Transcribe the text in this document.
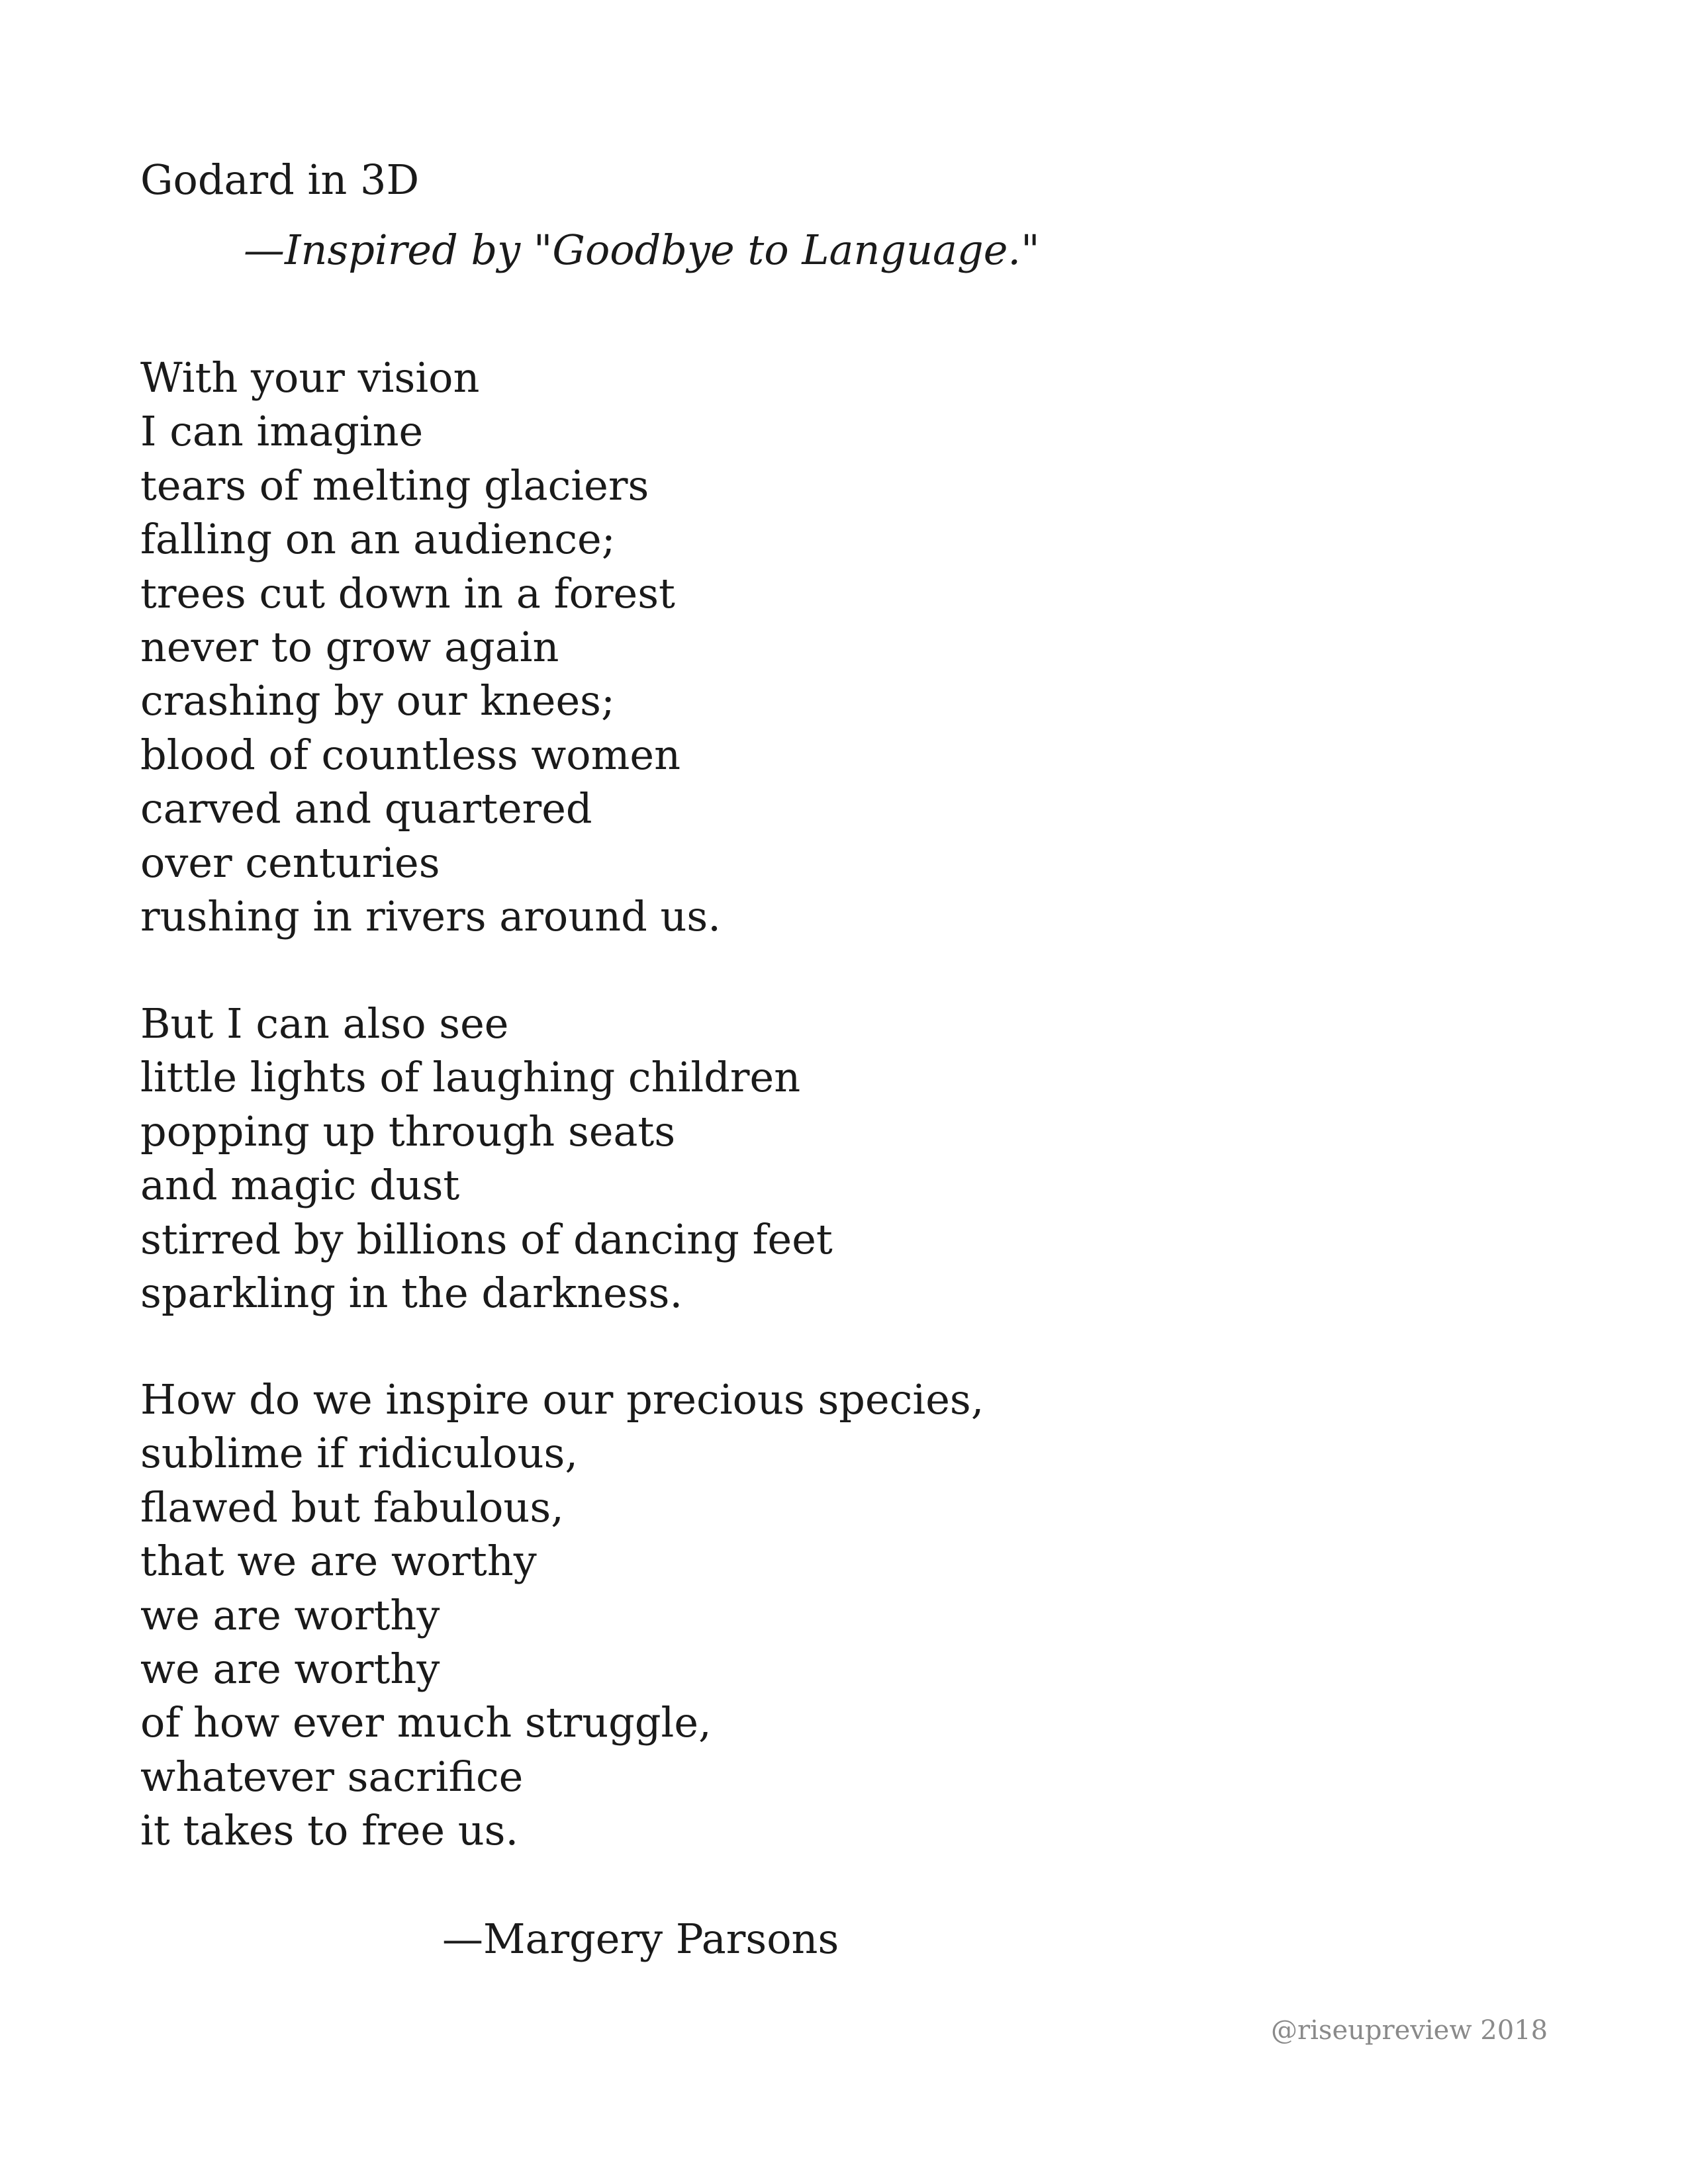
Godard in 3D
—Inspired by "Goodbye to Language."
With your vision
I can imagine
tears of melting glaciers
falling on an audience;
trees cut down in a forest
never to grow again
crashing by our knees;
blood of countless women
carved and quartered
over centuries
rushing in rivers around us.
But I can also see
little lights of laughing children
popping up through seats
and magic dust
stirred by billions of dancing feet
sparkling in the darkness.
How do we inspire our precious species,
sublime if ridiculous,
flawed but fabulous,
that we are worthy
we are worthy
we are worthy
of how ever much struggle,
whatever sacrifice
it takes to free us.
—Margery Parsons
@riseupreview 2018
